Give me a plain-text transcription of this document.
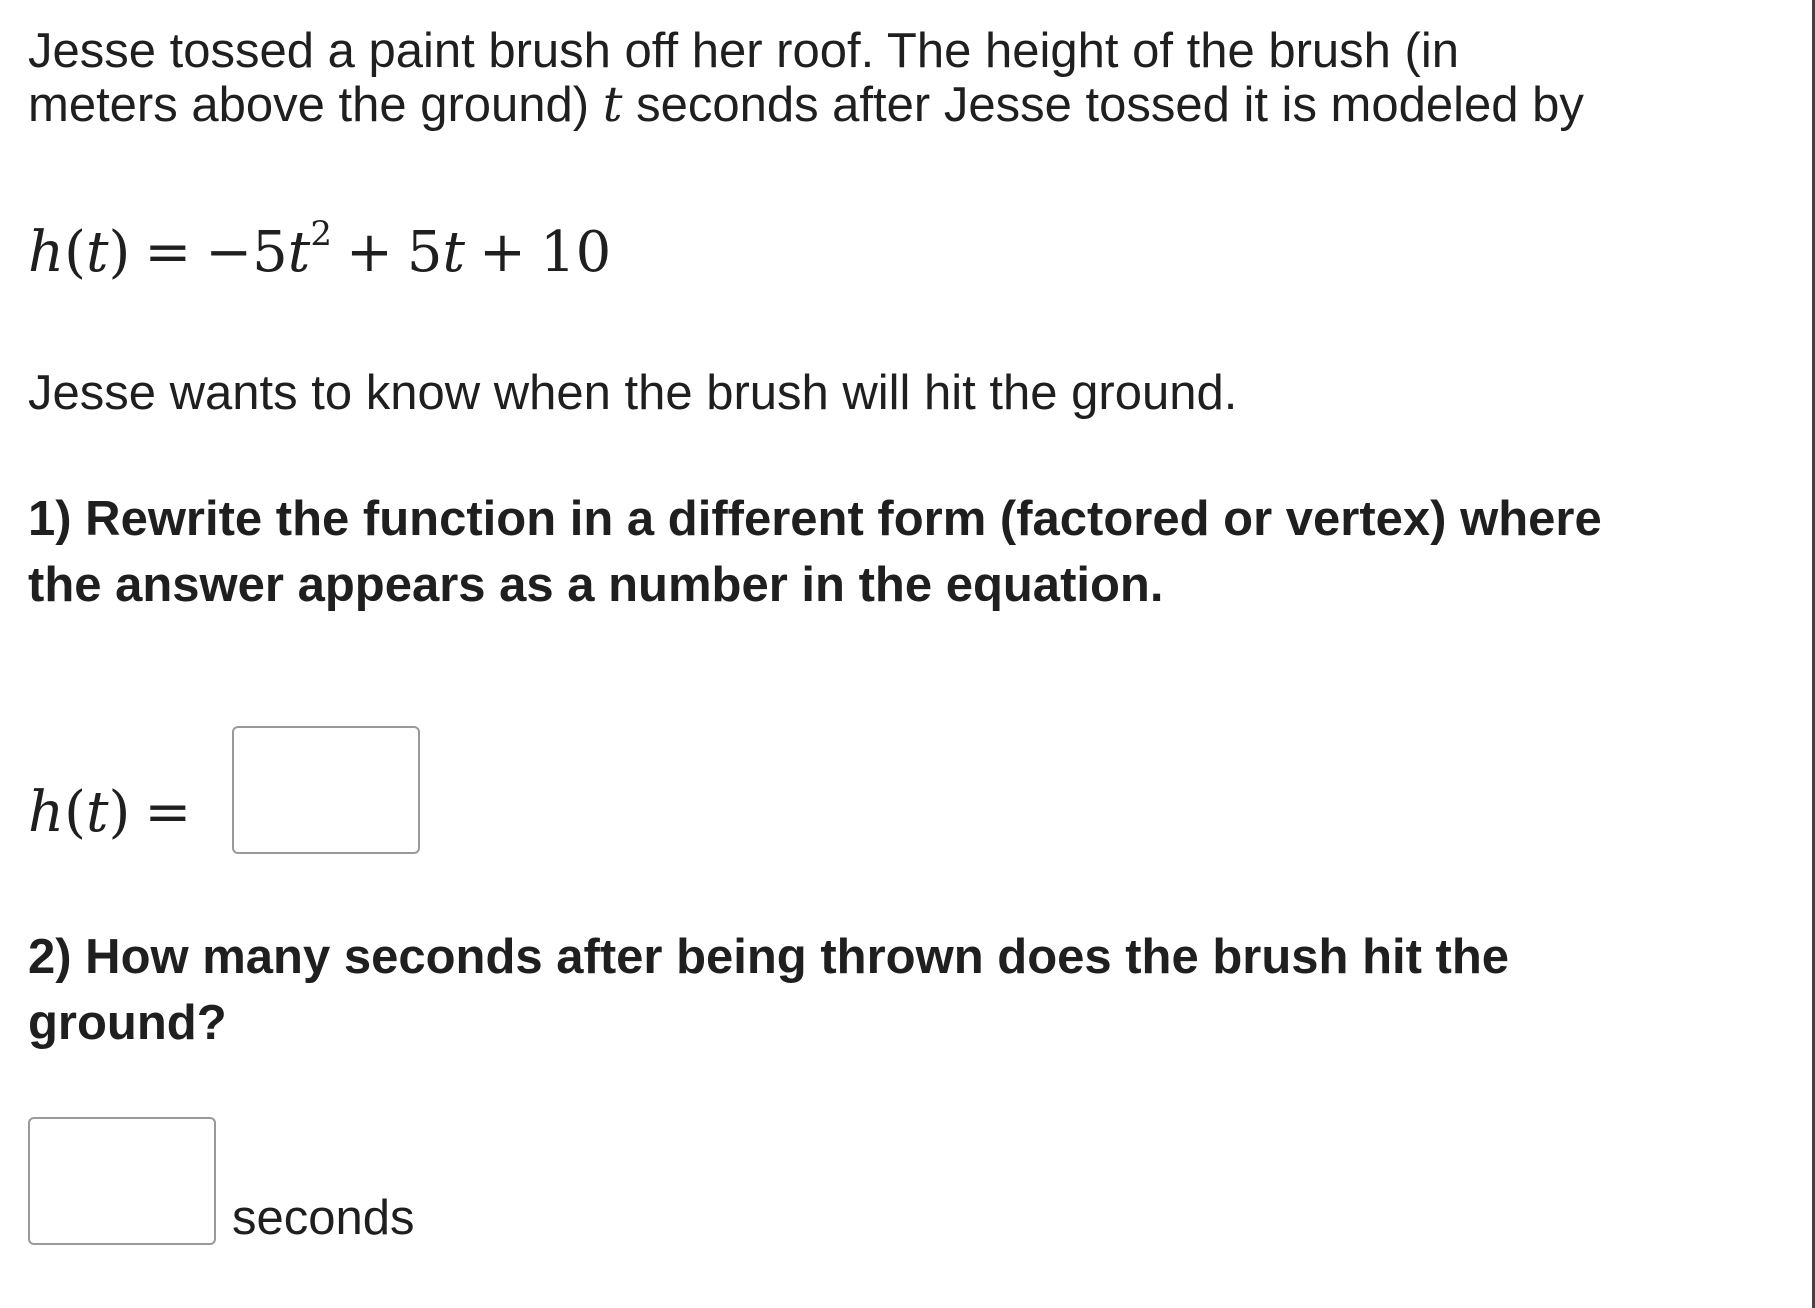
Jesse tossed a paint brush off her roof. The height of the brush (in

meters above the ground) t seconds after Jesse tossed it is modeled by

$h(t) = -5t^2 + 5t + 10$

Jesse wants to know when the brush will hit the ground.

1) Rewrite the function in a different form (factored or vertex) where

the answer appears as a number in the equation.

h(t) =

2) How many seconds after being thrown does the brush hit the

ground?

seconds
